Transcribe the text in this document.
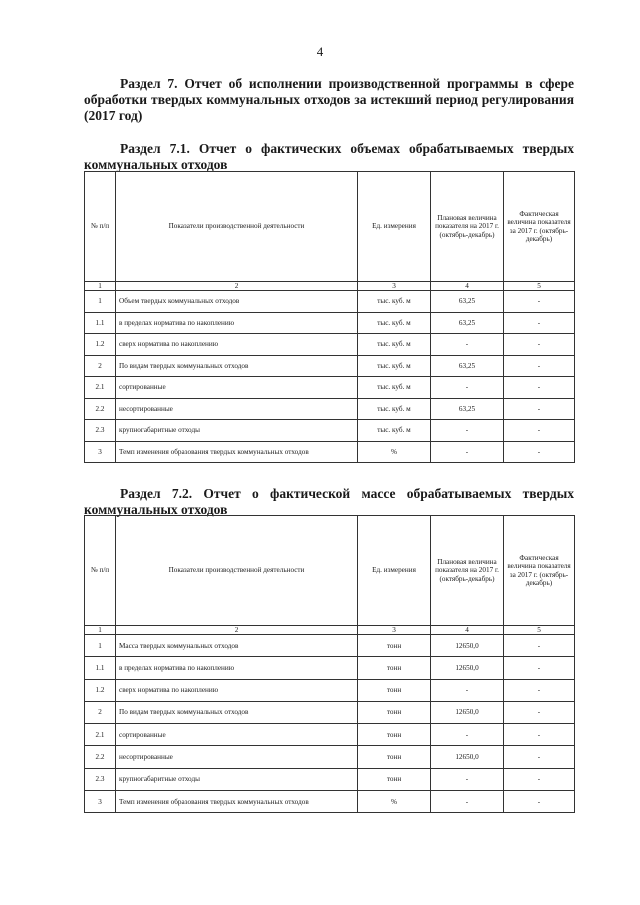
4
Раздел 7. Отчет об исполнении производственной программы в сфере обработки твердых коммунальных отходов за истекший период регулирования (2017 год)
Раздел 7.1. Отчет о фактических объемах обрабатываемых твердых коммунальных отходов
№ п/п	Показатели производственной деятельности	Ед. измерения	Плановая величина показателя на 2017 г. (октябрь-декабрь)	Фактическая величина показателя за 2017 г. (октябрь-декабрь)
1	2	3	4	5
1	Объем твердых коммунальных отходов	тыс. куб. м	63,25	-
1.1	в пределах норматива по накоплению	тыс. куб. м	63,25	-
1.2	сверх норматива по накоплению	тыс. куб. м	-	-
2	По видам твердых коммунальных отходов	тыс. куб. м	63,25	-
2.1	сортированные	тыс. куб. м	-	-
2.2	несортированные	тыс. куб. м	63,25	-
2.3	крупногабаритные отходы	тыс. куб. м	-	-
3	Темп изменения образования твердых коммунальных отходов	%	-	-
Раздел 7.2. Отчет о фактической массе обрабатываемых твердых коммунальных отходов
№ п/п	Показатели производственной деятельности	Ед. измерения	Плановая величина показателя на 2017 г. (октябрь-декабрь)	Фактическая величина показателя за 2017 г. (октябрь-декабрь)
1	2	3	4	5
1	Масса твердых коммунальных отходов	тонн	12650,0	-
1.1	в пределах норматива по накоплению	тонн	12650,0	-
1.2	сверх норматива по накоплению	тонн	-	-
2	По видам твердых коммунальных отходов	тонн	12650,0	-
2.1	сортированные	тонн	-	-
2.2	несортированные	тонн	12650,0	-
2.3	крупногабаритные отходы	тонн	-	-
3	Темп изменения образования твердых коммунальных отходов	%	-	-
